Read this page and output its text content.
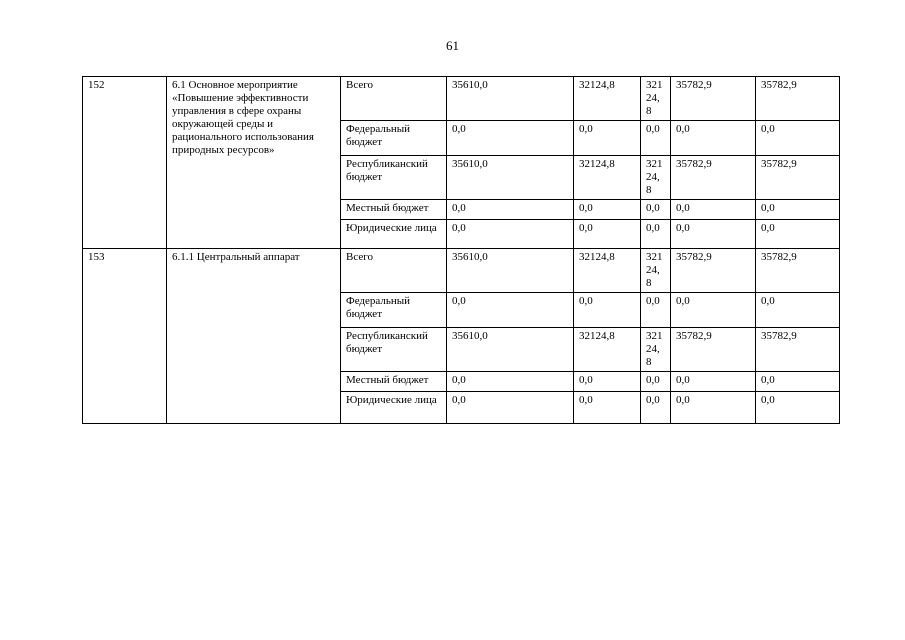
61
152	6.1 Основное мероприятие «Повышение эффективности управления в сфере охраны окружающей среды и рационального использования природных ресурсов»	Всего	35610,0	32124,8	321 24, 8	35782,9	35782,9
		Федеральный бюджет	0,0	0,0	0,0	0,0	0,0
		Республиканский бюджет	35610,0	32124,8	321 24, 8	35782,9	35782,9
		Местный бюджет	0,0	0,0	0,0	0,0	0,0
		Юридические лица	0,0	0,0	0,0	0,0	0,0
153	6.1.1 Центральный аппарат	Всего	35610,0	32124,8	321 24, 8	35782,9	35782,9
		Федеральный бюджет	0,0	0,0	0,0	0,0	0,0
		Республиканский бюджет	35610,0	32124,8	321 24, 8	35782,9	35782,9
		Местный бюджет	0,0	0,0	0,0	0,0	0,0
		Юридические лица	0,0	0,0	0,0	0,0	0,0
